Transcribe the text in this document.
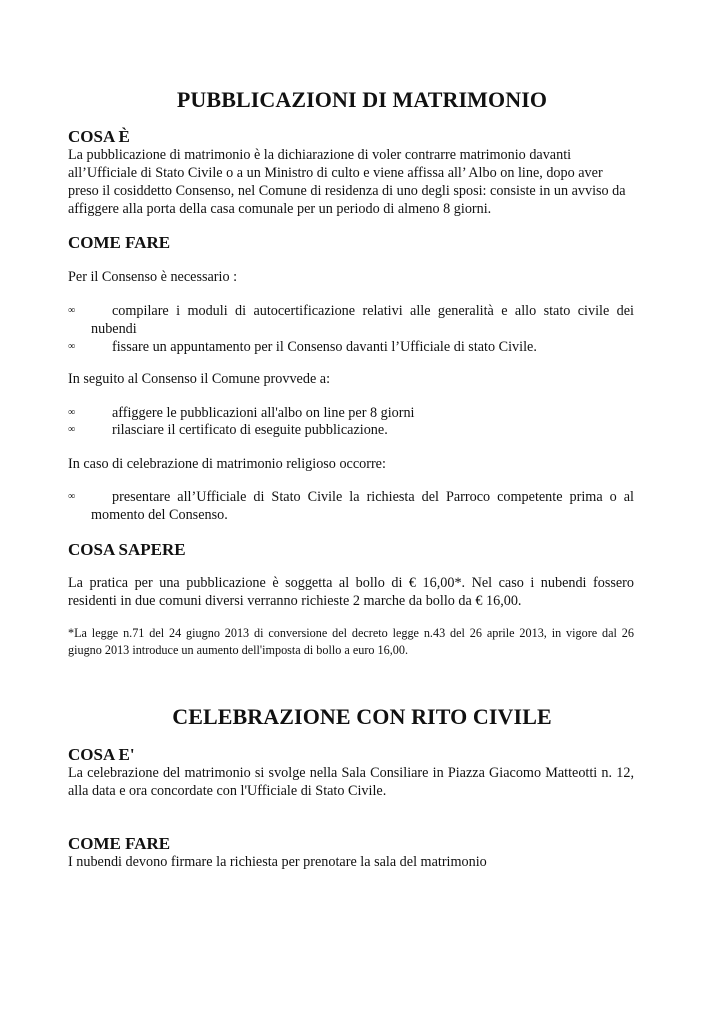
PUBBLICAZIONI DI MATRIMONIO
COSA È

La pubblicazione di matrimonio è la dichiarazione di voler contrarre matrimonio davanti all’Ufficiale di Stato Civile o a un Ministro di culto e viene affissa all’ Albo on line, dopo aver preso il cosiddetto Consenso, nel Comune di residenza di uno degli sposi: consiste in un avviso da affiggere alla porta della casa comunale per un periodo di almeno 8 giorni.

COME FARE

Per il Consenso è necessario :

∞	compilare i moduli di autocertificazione relativi alle generalità e allo stato civile dei nubendi
∞	fissare un appuntamento per il Consenso davanti l’Ufficiale di stato Civile.

In seguito al Consenso il Comune provvede a:

∞	affiggere le pubblicazioni all'albo on line per 8 giorni
∞	rilasciare il certificato di eseguite pubblicazione.

In caso di celebrazione di matrimonio religioso occorre:

∞	presentare all’Ufficiale di Stato Civile la richiesta del Parroco competente prima o al momento del Consenso.
COSA SAPERE

La pratica per una pubblicazione è soggetta al bollo di € 16,00*. Nel caso i nubendi fossero residenti in due comuni diversi verranno richieste 2 marche da bollo da € 16,00.

*La legge n.71 del 24 giugno 2013 di conversione del decreto legge n.43 del 26 aprile 2013, in vigore dal 26 giugno 2013 introduce un aumento dell'imposta di bollo a euro 16,00.

CELEBRAZIONE CON RITO CIVILE
COSA E'

La celebrazione del matrimonio si svolge nella Sala Consiliare in Piazza Giacomo Matteotti n. 12, alla data e ora concordate con l'Ufficiale di Stato Civile.

COME FARE

I nubendi devono firmare la richiesta per prenotare la sala del matrimonio
